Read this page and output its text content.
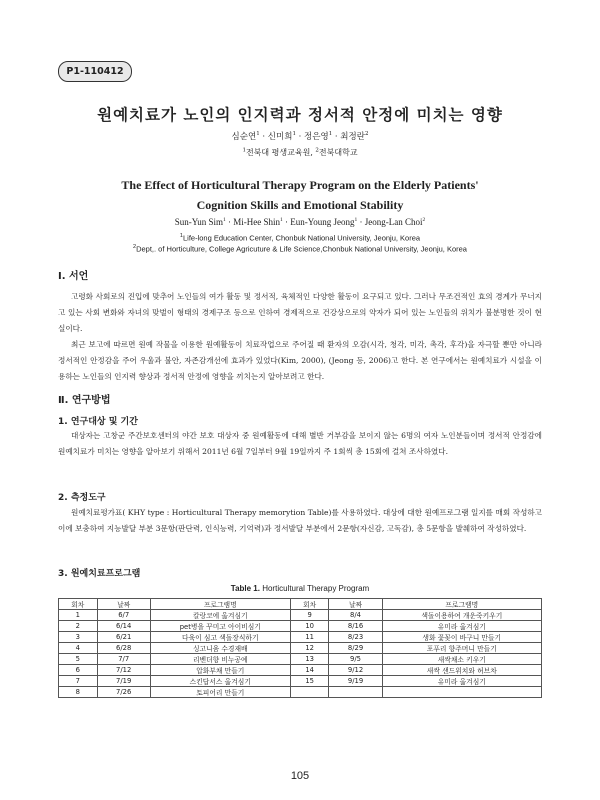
P1-110412
원예치료가 노인의 인지력과 정서적 안정에 미치는 영향
심순연$^1$ · 신미희$^1$ · 정은영$^1$ · 최정란$^2$
$^1$전북대 평생교육원, $^2$전북대학교
The Effect of Horticultural Therapy Program on the Elderly Patients'
Cognition Skills and Emotional Stability
Sun-Yun Sim$^1$ · Mi-Hee Shin$^1$ · Eun-Young Jeong$^1$ · Jeong-Lan Choi$^2$
$^1$Life-long Education Center, Chonbuk National University, Jeonju, Korea
$^2$Dept,. of Horticulture, College Agricuture & Life Science,Chonbuk National University, Jeonju, Korea
Ⅰ. 서언

고령화 사회로의 진입에 맞추어 노인들의 여가 활동 및 정서적, 육체적인 다양한 활동이 요구되고 있다. 그러나 무조건적인 효의 경계가 무너지고 있는 사회 변화와 자녀의 맞벌이 형태의 경제구조 등으로 인하여 경제적으로 건강상으로의 약자가 되어 있는 노인들의 위치가 불분명한 것이 현실이다.

최근 보고에 따르면 원예 작물을 이용한 원예활동이 치료작업으로 주어질 때 환자의 오감(시각, 청각, 미각, 촉각, 후각)을 자극할 뿐만 아니라 정서적인 안정감을 주어 우울과 불안, 자존감개선에 효과가 있었다(Kim, 2000), (Jeong 등, 2006)고 한다. 본 연구에서는 원예치료가 시설을 이용하는 노인들의 인지력 향상과 정서적 안정에 영향을 끼치는지 알아보려고 한다.

Ⅱ. 연구방법
1. 연구대상 및 기간

대상자는 고창군 주간보호센터의 야간 보호 대상자 중 원예활동에 대해 별반 거부감을 보이지 않는 6명의 여자 노인분들이며 정서적 안정감에 원예치료가 미치는 영향을 알아보기 위해서 2011년 6월 7일부터 9월 19일까지 주 1회씩 총 15회에 걸쳐 조사하였다.

2. 측정도구

원예치료평가표( KHY type : Horticultural Therapy memorytion Table)를 사용하였다. 대상에 대한 원예프로그램 일지를 매회 작성하고 이에 보충하여 지능발달 부분 3문항(판단력, 인식능력, 기억력)과 정서발달 부분에서 2문항(자신감, 고독감), 총 5문항을 발췌하여 작성하였다.

3. 원예치료프로그램
Table 1. Horticultural Therapy Program
회차	날짜	프로그램명	회차	날짜	프로그램명
1	6/7	칼랑코에 옮겨심기	9	8/4	색돌이용하여 개운죽키우기
2	6/14	pet병을 꾸미고 아이비심기	10	8/16	유미라 옮겨심기
3	6/21	다육이 심고 색돌장식하기	11	8/23	생화 꽃꽂이 바구니 만들기
4	6/28	싱고니움 수경재배	12	8/29	포푸리 향주머니 만들기
5	7/7	리벤더향 비누공예	13	9/5	새싹채소 키우기
6	7/12	압화부채 만들기	14	9/12	새싹 샌드위치와 허브차
7	7/19	스킨답서스 옮겨심기	15	9/19	유미라 옮겨심기
8	7/26	토피어리 만들기			
105
